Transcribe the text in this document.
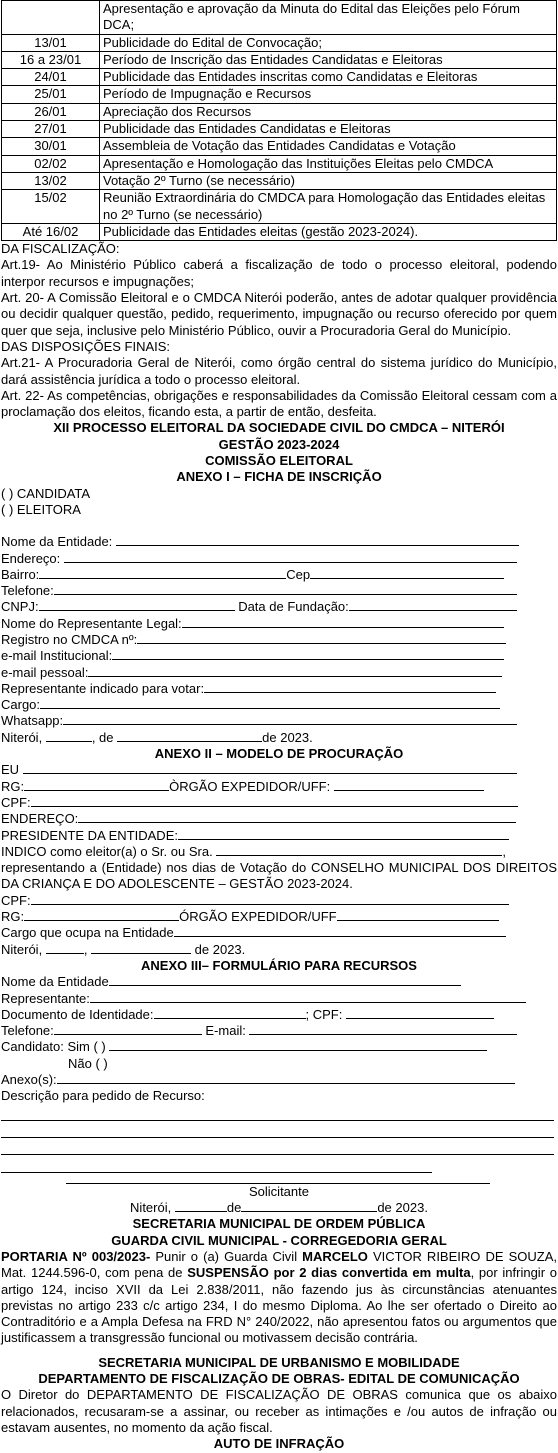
	Apresentação e aprovação da Minuta do Edital das Eleições pelo Fórum DCA;
13/01	Publicidade do Edital de Convocação;
16 a 23/01	Período de Inscrição das Entidades Candidatas e Eleitoras
24/01	Publicidade das Entidades inscritas como Candidatas e Eleitoras
25/01	Período de Impugnação e Recursos
26/01	Apreciação dos Recursos
27/01	Publicidade das Entidades Candidatas e Eleitoras
30/01	Assembleia de Votação das Entidades Candidatas e Votação
02/02	Apresentação e Homologação das Instituições Eleitas pelo CMDCA
13/02	Votação 2º Turno (se necessário)
15/02	Reunião Extraordinária do CMDCA para Homologação das Entidades eleitas no 2º Turno (se necessário)
Até 16/02	Publicidade das Entidades eleitas (gestão 2023-2024).

DA FISCALIZAÇÃO:

Art.19- Ao Ministério Público caberá a fiscalização de todo o processo eleitoral, podendo interpor recursos e impugnações;

Art. 20- A Comissão Eleitoral e o CMDCA Niterói poderão, antes de adotar qualquer providência ou decidir qualquer questão, pedido, requerimento, impugnação ou recurso oferecido por quem quer que seja, inclusive pelo Ministério Público, ouvir a Procuradoria Geral do Município.

DAS DISPOSIÇÕES FINAIS:

Art.21- A Procuradoria Geral de Niterói, como órgão central do sistema jurídico do Município, dará assistência jurídica a todo o processo eleitoral.

Art. 22- As competências, obrigações e responsabilidades da Comissão Eleitoral cessam com a proclamação dos eleitos, ficando esta, a partir de então, desfeita.

XII PROCESSO ELEITORAL DA SOCIEDADE CIVIL DO CMDCA – NITERÓI

GESTÃO 2023-2024

COMISSÃO ELEITORAL

ANEXO I – FICHA DE INSCRIÇÃO

( ) CANDIDATA

( ) ELEITORA

Nome da Entidade:

Endereço:

Bairro:	Cep

Telefone:

CNPJ:	Data de Fundação:

Nome do Representante Legal:

Registro no CMDCA nº:

e-mail Institucional:

e-mail pessoal:

Representante indicado para votar:

Cargo:

Whatsapp:

Niterói,	, de	de 2023.

ANEXO II – MODELO DE PROCURAÇÃO

EU

RG:	ÒRGÃO EXPEDIDOR/UFF:

CPF:

ENDEREÇO:

PRESIDENTE DA ENTIDADE:

INDICO como eleitor(a) o Sr. ou Sra.	,

representando a (Entidade) nos dias de Votação do CONSELHO MUNICIPAL DOS DIREITOS DA CRIANÇA E DO ADOLESCENTE – GESTÃO 2023-2024.

CPF:

RG:	ÓRGÃO EXPEDIDOR/UFF

Cargo que ocupa na Entidade

Niterói,	,	de 2023.

ANEXO III– FORMULÁRIO PARA RECURSOS

Nome da Entidade

Representante:

Documento de Identidade:	; CPF:

Telefone:	E-mail:

Candidato: Sim ( )

Não ( )

Anexo(s):

Descrição para pedido de Recurso:

Solicitante

Niterói,	de	de 2023.

SECRETARIA MUNICIPAL DE ORDEM PÚBLICA

GUARDA CIVIL MUNICIPAL - CORREGEDORIA GERAL

PORTARIA Nº 003/2023- Punir o (a) Guarda Civil MARCELO VICTOR RIBEIRO DE SOUZA, Mat. 1244.596-0, com pena de SUSPENSÃO por 2 dias convertida em multa, por infringir o artigo 124, inciso XVII da Lei 2.838/2011, não fazendo jus às circunstâncias atenuantes previstas no artigo 233 c/c artigo 234, I do mesmo Diploma. Ao lhe ser ofertado o Direito ao Contraditório e a Ampla Defesa na FRD N° 240/2022, não apresentou fatos ou argumentos que justificassem a transgressão funcional ou motivassem decisão contrária.

SECRETARIA MUNICIPAL DE URBANISMO E MOBILIDADE

DEPARTAMENTO DE FISCALIZAÇÃO DE OBRAS- EDITAL DE COMUNICAÇÃO

O Diretor do DEPARTAMENTO DE FISCALIZAÇÃO DE OBRAS comunica que os abaixo relacionados, recusaram-se a assinar, ou receber as intimações e /ou autos de infração ou estavam ausentes, no momento da ação fiscal.

AUTO DE INFRAÇÃO
